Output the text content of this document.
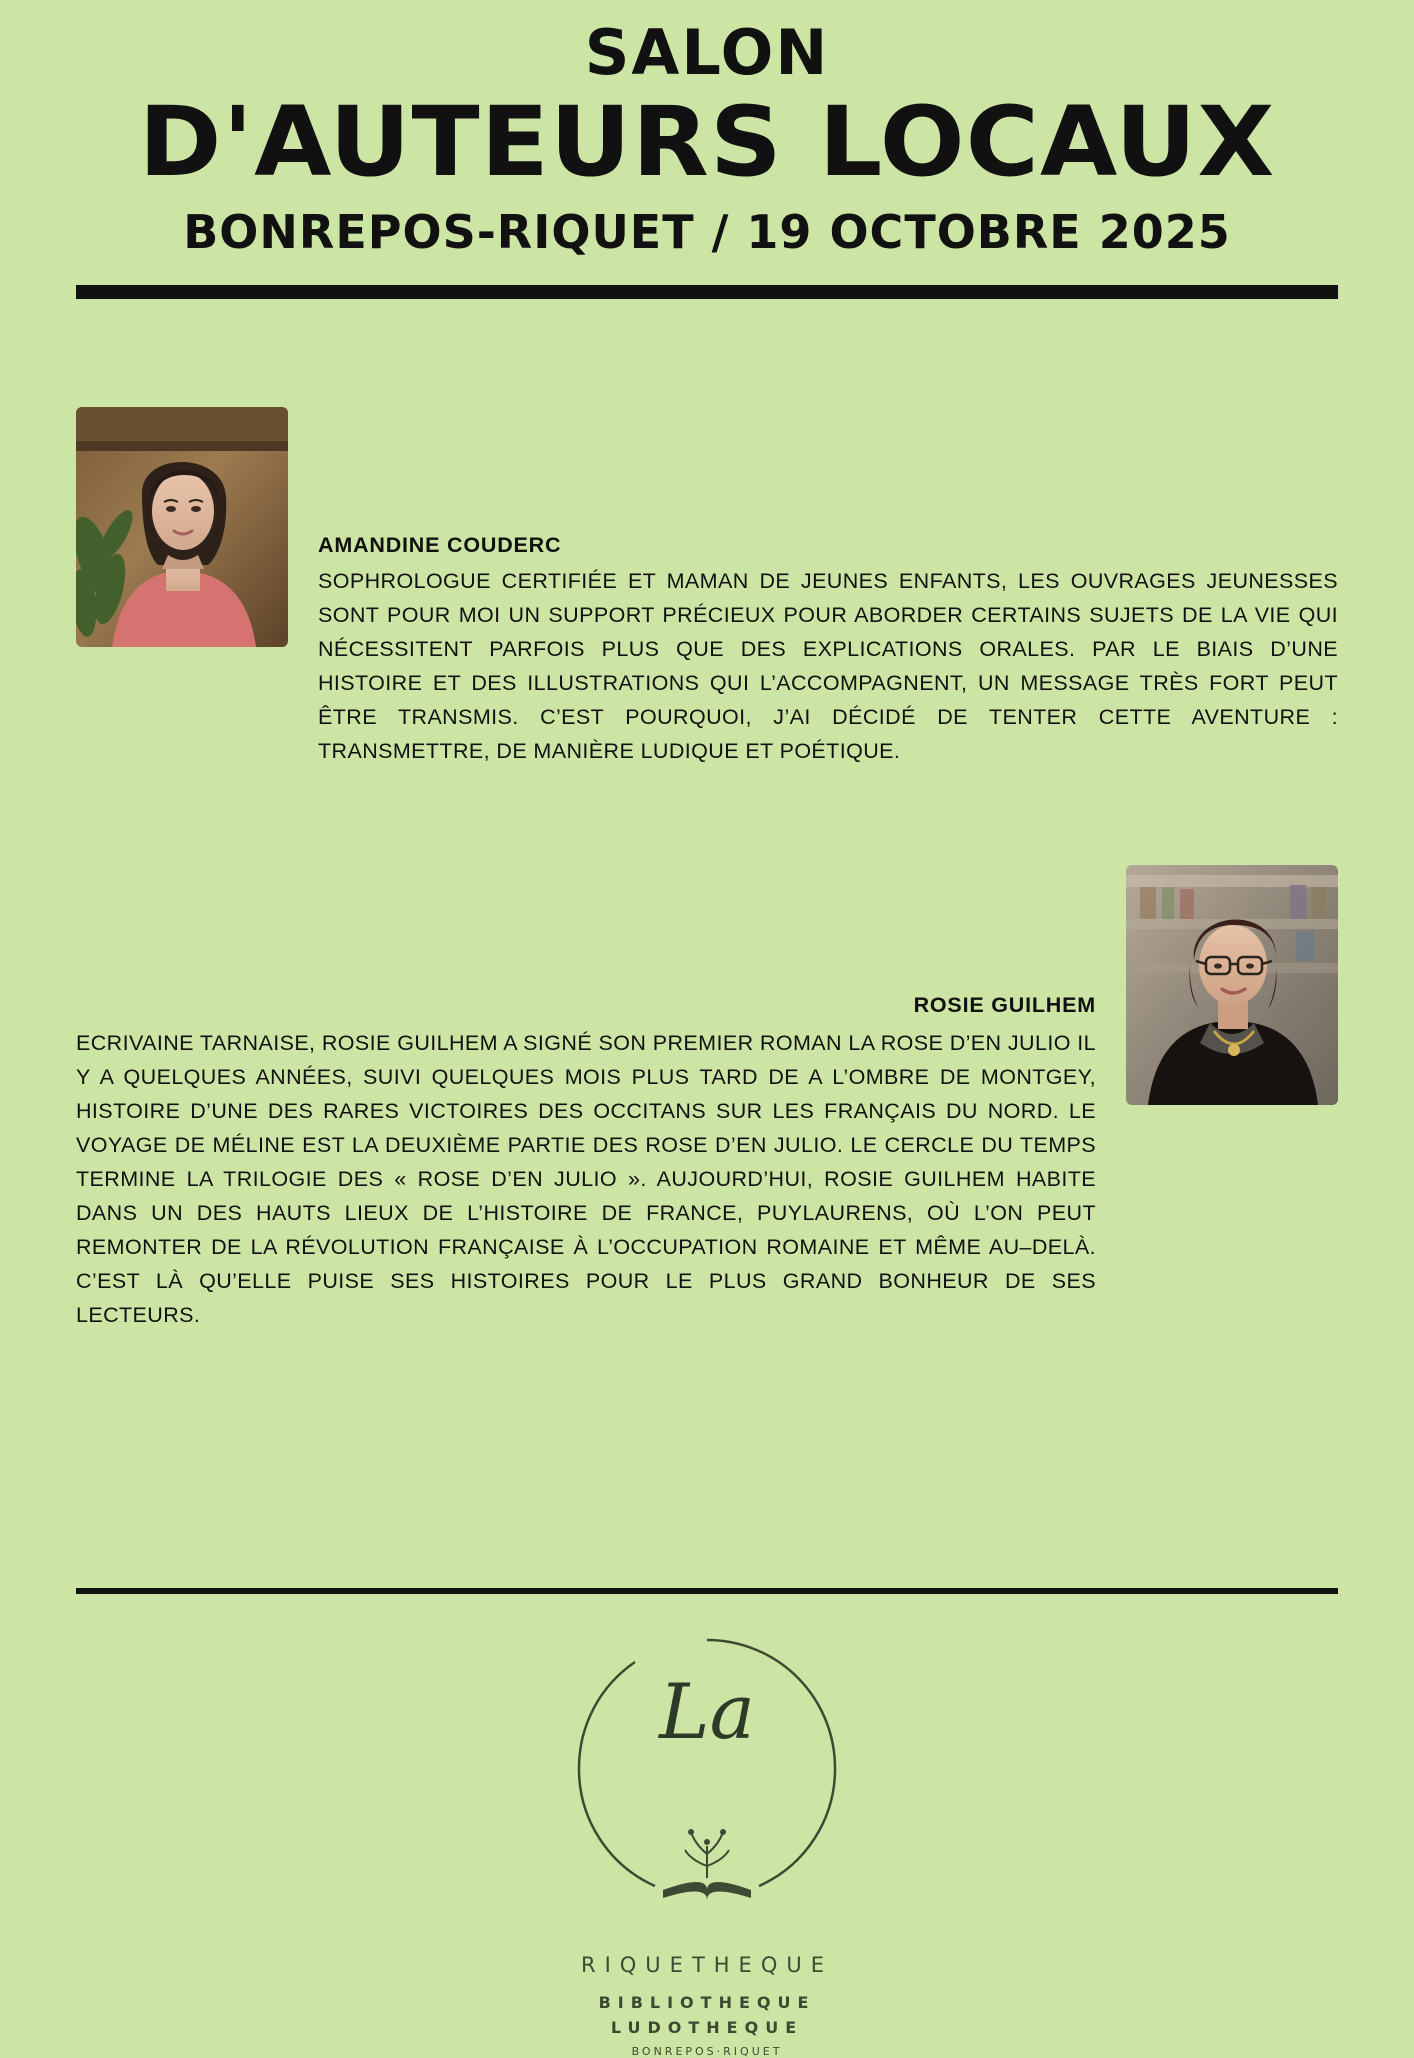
SALON
D'AUTEURS LOCAUX
BONREPOS-RIQUET / 19 OCTOBRE 2025
AMANDINE COUDERC
SOPHROLOGUE CERTIFIÉE ET MAMAN DE JEUNES ENFANTS, LES OUVRAGES JEUNESSES SONT POUR MOI UN SUPPORT PRÉCIEUX POUR ABORDER CERTAINS SUJETS DE LA VIE QUI NÉCESSITENT PARFOIS PLUS QUE DES EXPLICATIONS ORALES. PAR LE BIAIS D’UNE HISTOIRE ET DES ILLUSTRATIONS QUI L’ACCOMPAGNENT, UN MESSAGE TRÈS FORT PEUT ÊTRE TRANSMIS. C’EST POURQUOI, J’AI DÉCIDÉ DE TENTER CETTE AVENTURE : TRANSMETTRE, DE MANIÈRE LUDIQUE ET POÉTIQUE.
ROSIE GUILHEM
ECRIVAINE TARNAISE, ROSIE GUILHEM A SIGNÉ SON PREMIER ROMAN LA ROSE D’EN JULIO IL Y A QUELQUES ANNÉES, SUIVI QUELQUES MOIS PLUS TARD DE A L’OMBRE DE MONTGEY, HISTOIRE D’UNE DES RARES VICTOIRES DES OCCITANS SUR LES FRANÇAIS DU NORD. LE VOYAGE DE MÉLINE EST LA DEUXIÈME PARTIE DES ROSE D’EN JULIO. LE CERCLE DU TEMPS TERMINE LA TRILOGIE DES « ROSE D’EN JULIO ». AUJOURD’HUI, ROSIE GUILHEM HABITE DANS UN DES HAUTS LIEUX DE L’HISTOIRE DE FRANCE, PUYLAURENS, OÙ L’ON PEUT REMONTER DE LA RÉVOLUTION FRANÇAISE À L’OCCUPATION ROMAINE ET MÊME AU–DELÀ. C’EST LÀ QU’ELLE PUISE SES HISTOIRES POUR LE PLUS GRAND BONHEUR DE SES LECTEURS.
La
RIQUETHEQUE
BIBLIOTHEQUE
LUDOTHEQUE
BONREPOS·RIQUET
